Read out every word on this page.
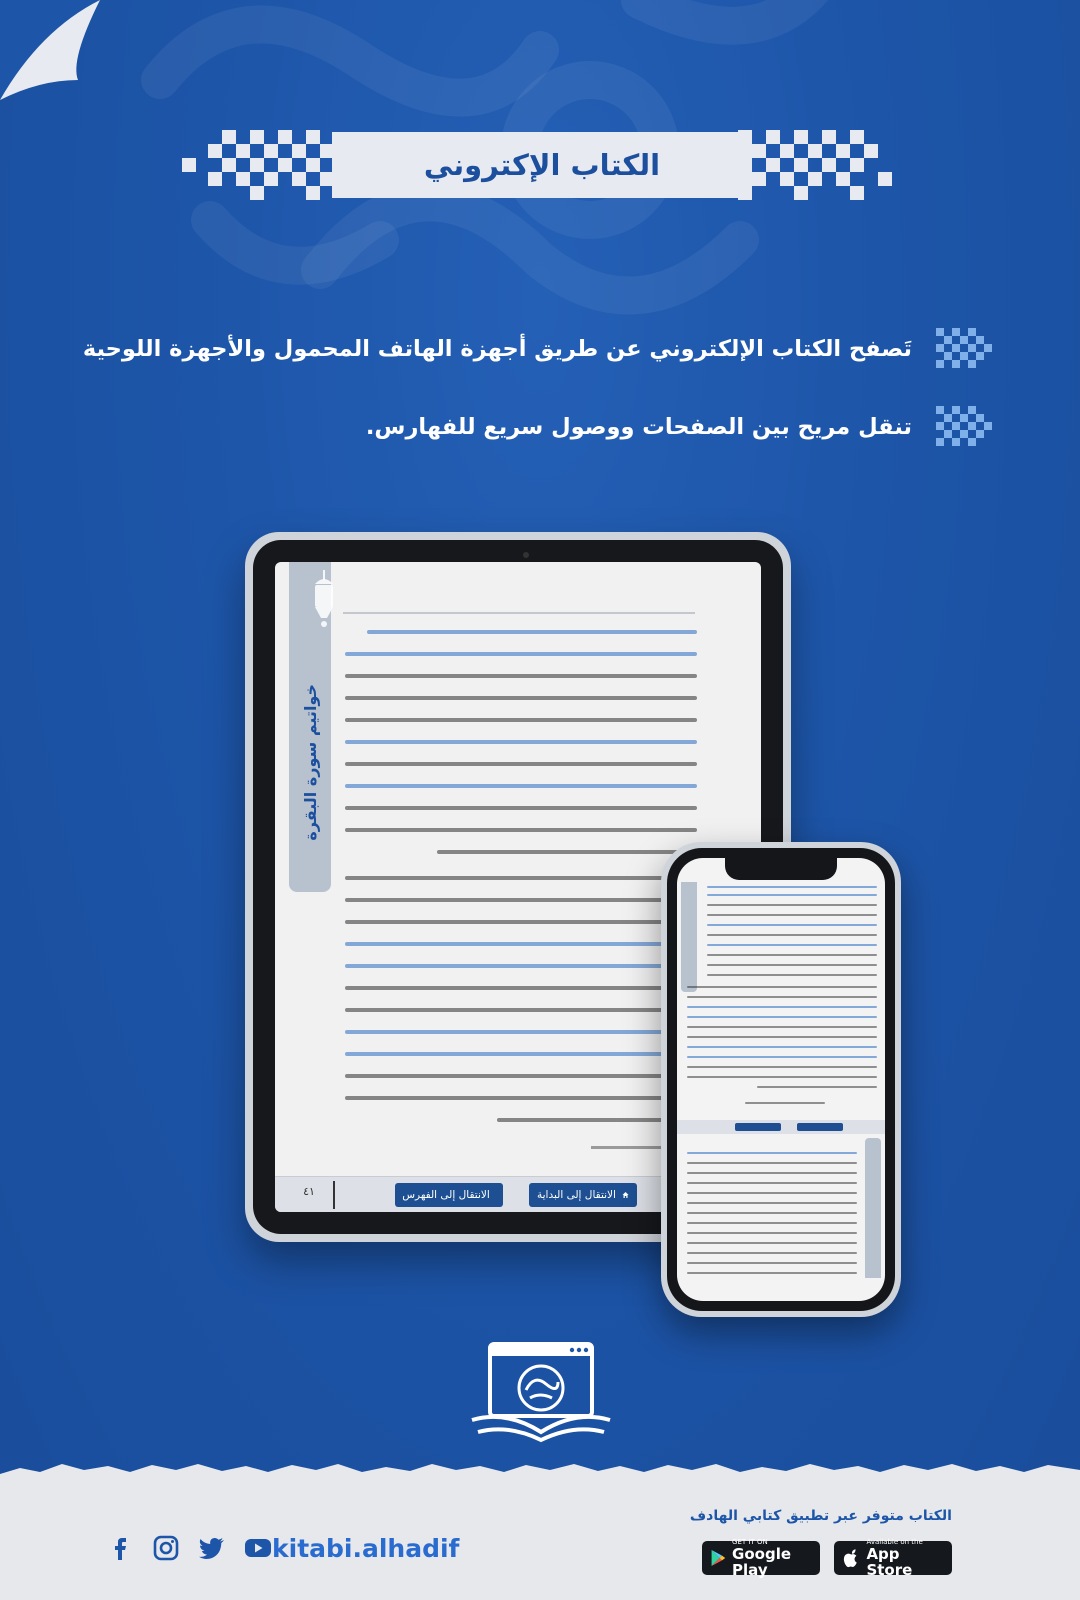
الكتاب الإكتروني
تَصفح الكتاب الإلكتروني عن طريق أجهزة الهاتف المحمول والأجهزة اللوحية
تنقل مريح بين الصفحات ووصول سريع للفهارس.
خواتيم سورة البقرة
الانتقال إلى البداية
الانتقال إلى الفهرس
٤١
kitabi.alhadif
الكتاب متوفر عبر تطبيق كتابي الهادف
GET IT ON
Google Play
Available on the
App Store
